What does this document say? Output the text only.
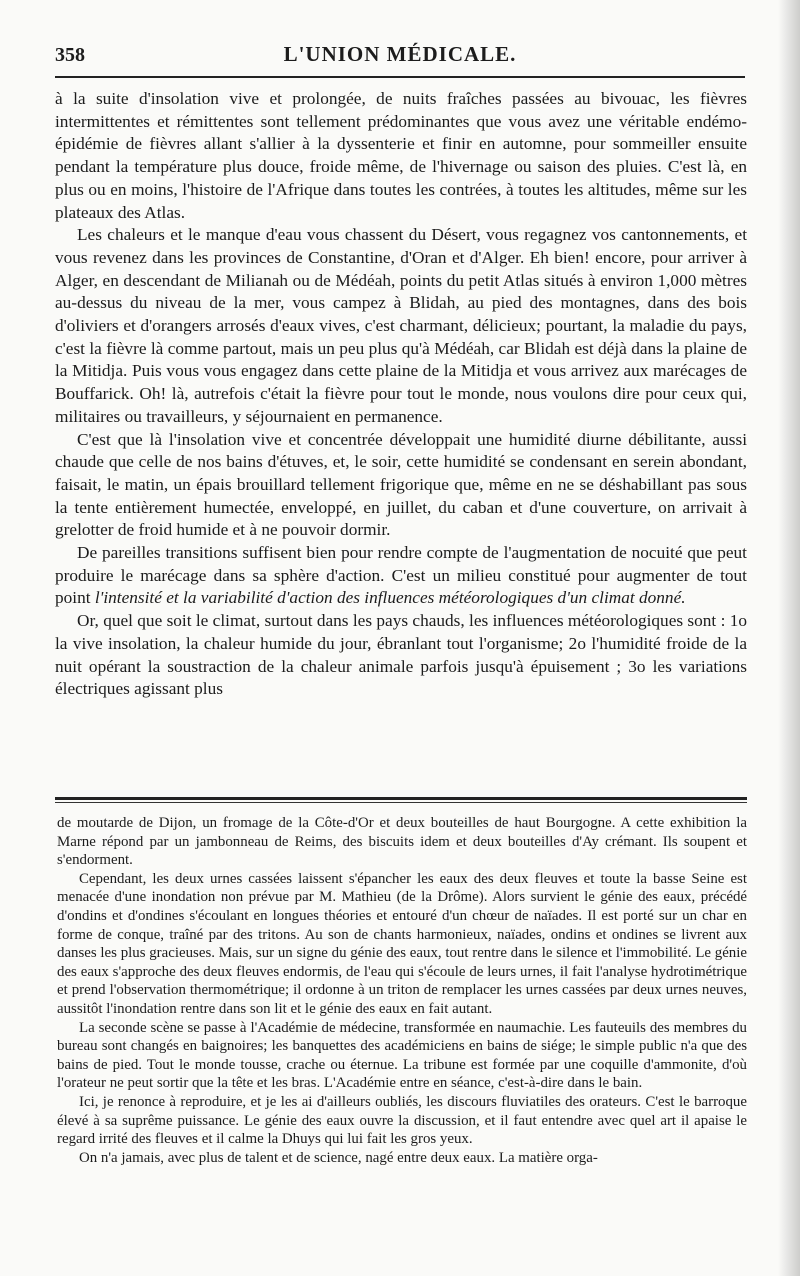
358	L'UNION MÉDICALE.

à la suite d'insolation vive et prolongée, de nuits fraîches passées au bivouac, les fièvres intermittentes et rémittentes sont tellement prédominantes que vous avez une véritable endémo-épidémie de fièvres allant s'allier à la dyssenterie et finir en automne, pour sommeiller ensuite pendant la température plus douce, froide même, de l'hivernage ou saison des pluies. C'est là, en plus ou en moins, l'histoire de l'Afrique dans toutes les contrées, à toutes les altitudes, même sur les plateaux des Atlas.

Les chaleurs et le manque d'eau vous chassent du Désert, vous regagnez vos cantonnements, et vous revenez dans les provinces de Constantine, d'Oran et d'Alger. Eh bien! encore, pour arriver à Alger, en descendant de Milianah ou de Médéah, points du petit Atlas situés à environ 1,000 mètres au-dessus du niveau de la mer, vous campez à Blidah, au pied des montagnes, dans des bois d'oliviers et d'orangers arrosés d'eaux vives, c'est charmant, délicieux; pourtant, la maladie du pays, c'est la fièvre là comme partout, mais un peu plus qu'à Médéah, car Blidah est déjà dans la plaine de la Mitidja. Puis vous vous engagez dans cette plaine de la Mitidja et vous arrivez aux marécages de Bouffarick. Oh! là, autrefois c'était la fièvre pour tout le monde, nous voulons dire pour ceux qui, militaires ou travailleurs, y séjournaient en permanence.

C'est que là l'insolation vive et concentrée développait une humidité diurne débilitante, aussi chaude que celle de nos bains d'étuves, et, le soir, cette humidité se condensant en serein abondant, faisait, le matin, un épais brouillard tellement frigorique que, même en ne se déshabillant pas sous la tente entièrement humectée, enveloppé, en juillet, du caban et d'une couverture, on arrivait à grelotter de froid humide et à ne pouvoir dormir.

De pareilles transitions suffisent bien pour rendre compte de l'augmentation de nocuité que peut produire le marécage dans sa sphère d'action. C'est un milieu constitué pour augmenter de tout point l'intensité et la variabilité d'action des influences météorologiques d'un climat donné.

Or, quel que soit le climat, surtout dans les pays chauds, les influences météorologiques sont : 1o la vive insolation, la chaleur humide du jour, ébranlant tout l'organisme; 2o l'humidité froide de la nuit opérant la soustraction de la chaleur animale parfois jusqu'à épuisement ; 3o les variations électriques agissant plus

de moutarde de Dijon, un fromage de la Côte-d'Or et deux bouteilles de haut Bourgogne. A cette exhibition la Marne répond par un jambonneau de Reims, des biscuits idem et deux bouteilles d'Ay crémant. Ils soupent et s'endorment.

Cependant, les deux urnes cassées laissent s'épancher les eaux des deux fleuves et toute la basse Seine est menacée d'une inondation non prévue par M. Mathieu (de la Drôme). Alors survient le génie des eaux, précédé d'ondins et d'ondines s'écoulant en longues théories et entouré d'un chœur de naïades. Il est porté sur un char en forme de conque, traîné par des tritons. Au son de chants harmonieux, naïades, ondins et ondines se livrent aux danses les plus gracieuses. Mais, sur un signe du génie des eaux, tout rentre dans le silence et l'immobilité. Le génie des eaux s'approche des deux fleuves endormis, de l'eau qui s'écoule de leurs urnes, il fait l'analyse hydrotimétrique et prend l'observation thermométrique; il ordonne à un triton de remplacer les urnes cassées par deux urnes neuves, aussitôt l'inondation rentre dans son lit et le génie des eaux en fait autant.

La seconde scène se passe à l'Académie de médecine, transformée en naumachie. Les fauteuils des membres du bureau sont changés en baignoires; les banquettes des académiciens en bains de siége; le simple public n'a que des bains de pied. Tout le monde tousse, crache ou éternue. La tribune est formée par une coquille d'ammonite, d'où l'orateur ne peut sortir que la tête et les bras. L'Académie entre en séance, c'est-à-dire dans le bain.

Ici, je renonce à reproduire, et je les ai d'ailleurs oubliés, les discours fluviatiles des orateurs. C'est le barroque élevé à sa suprême puissance. Le génie des eaux ouvre la discussion, et il faut entendre avec quel art il apaise le regard irrité des fleuves et il calme la Dhuys qui lui fait les gros yeux.

On n'a jamais, avec plus de talent et de science, nagé entre deux eaux. La matière orga-
